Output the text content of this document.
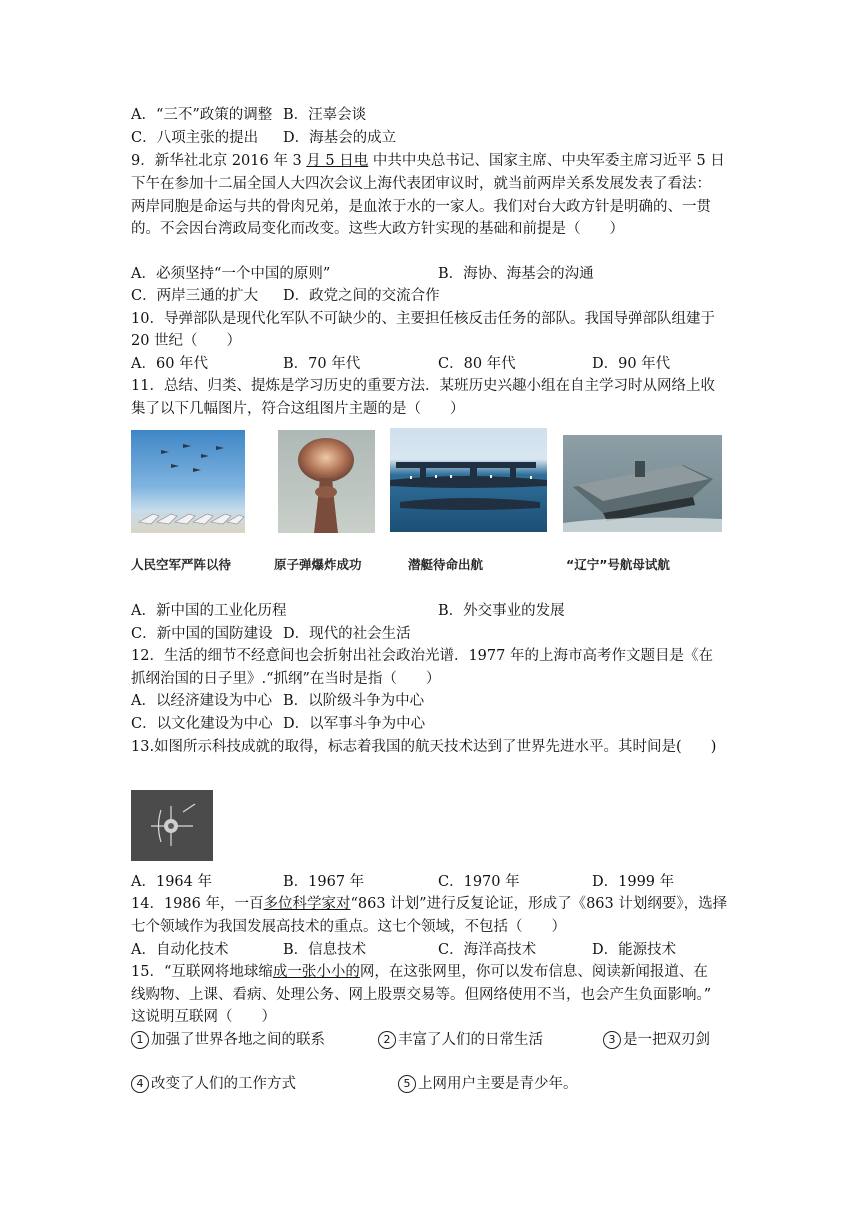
A．“三不”政策的调整 B．汪辜会谈
C．八项主张的提出 D．海基会的成立
9．新华社北京 2016 年 3 月 5 日电 中共中央总书记、国家主席、中央军委主席习近平 5 日
下午在参加十二届全国人大四次会议上海代表团审议时，就当前两岸关系发展发表了看法：
两岸同胞是命运与共的骨肉兄弟，是血浓于水的一家人。我们对台大政方针是明确的、一贯
的。不会因台湾政局变化而改变。这些大政方针实现的基础和前提是（　　）
A．必须坚持“一个中国的原则”	B．海协、海基会的沟通
C．两岸三通的扩大 D．政党之间的交流合作
10．导弹部队是现代化军队不可缺少的、主要担任核反击任务的部队。我国导弹部队组建于
20 世纪（　　）
A．60 年代	B．70 年代	C．80 年代	D．90 年代
11．总结、归类、提炼是学习历史的重要方法．某班历史兴趣小组在自主学习时从网络上收
集了以下几幅图片，符合这组图片主题的是（　　）
人民空军严阵以待	原子弹爆炸成功	潜艇待命出航	“辽宁”号航母试航
A．新中国的工业化历程	B．外交事业的发展
C．新中国的国防建设 D．现代的社会生活
12．生活的细节不经意间也会折射出社会政治光谱．1977 年的上海市高考作文题目是《在
抓纲治国的日子里》.“抓纲”在当时是指（　　）
A．以经济建设为中心 B．以阶级斗争为中心
C．以文化建设为中心 D．以军事斗争为中心
13.如图所示科技成就的取得，标志着我国的航天技术达到了世界先进水平。其时间是(　　)
A．1964 年	B．1967 年	C．1970 年	D．1999 年
14．1986 年，一百多位科学家对“863 计划”进行反复论证，形成了《863 计划纲要》，选择
七个领域作为我国发展高技术的重点。这七个领域，不包括（　　）
A．自动化技术	B．信息技术	C．海洋高技术	D．能源技术
15．“互联网将地球缩成一张小小的网，在这张网里，你可以发布信息、阅读新闻报道、在
线购物、上课、看病、处理公务、网上股票交易等。但网络使用不当，也会产生负面影响。”
这说明互联网（　　）
1 加强了世界各地之间的联系	2 丰富了人们的日常生活	3 是一把双刃剑
4 改变了人们的工作方式	5 上网用户主要是青少年。
